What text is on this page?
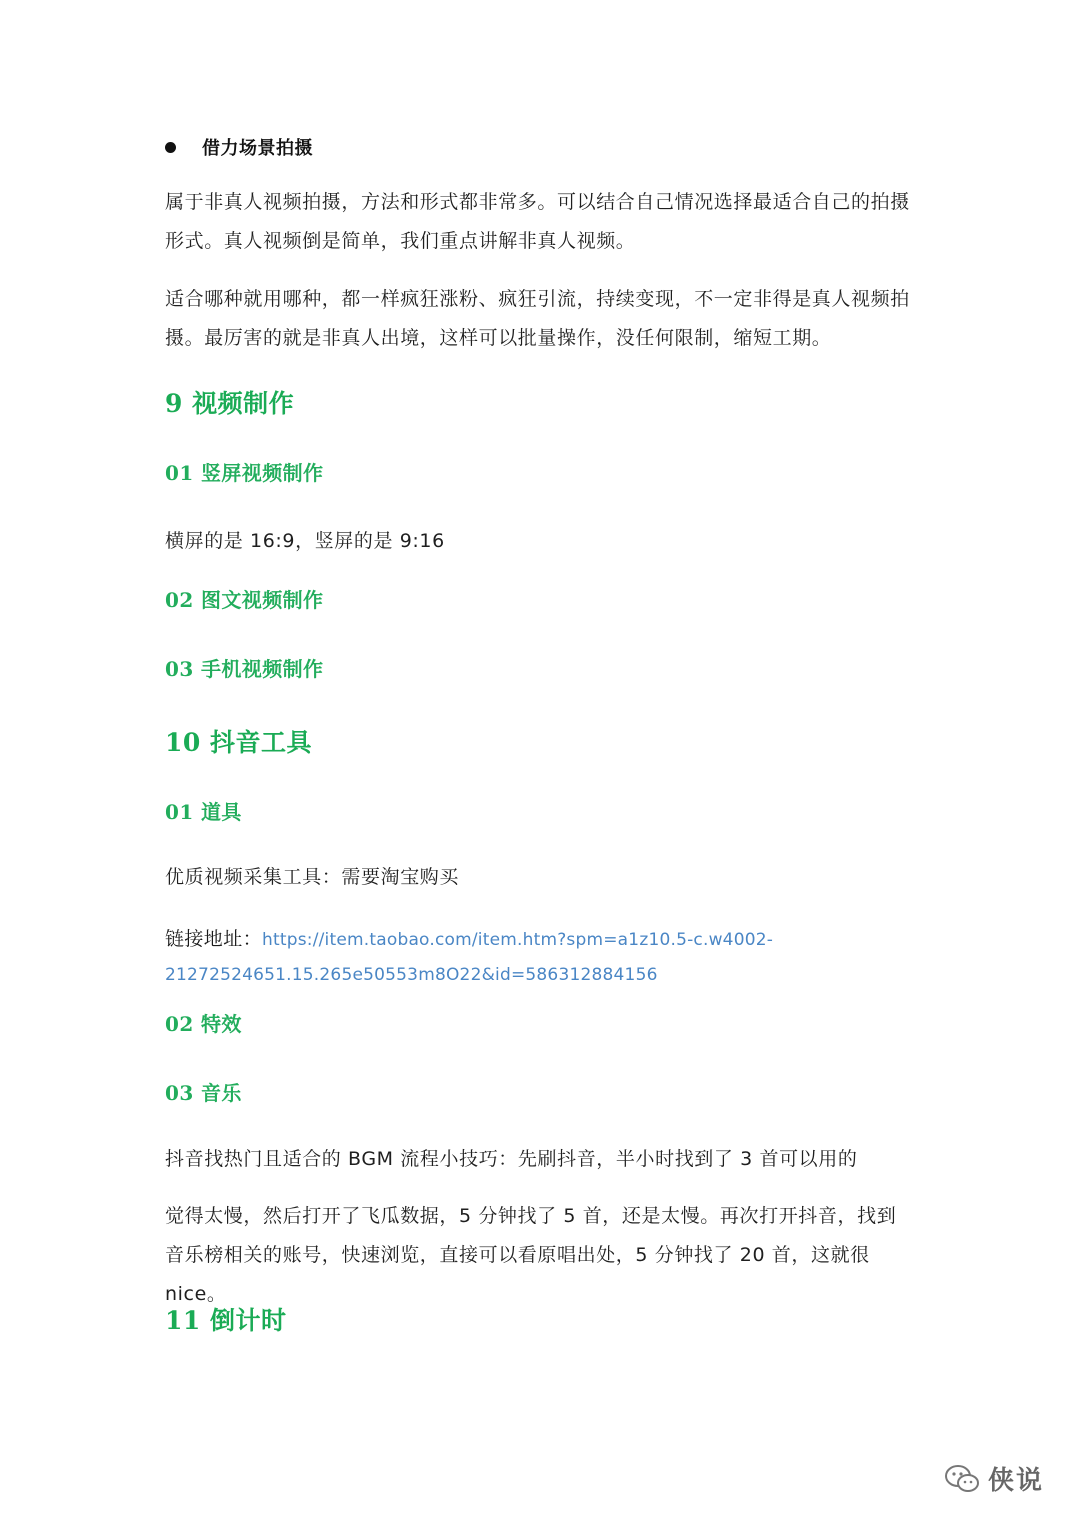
借力场景拍摄

属于非真人视频拍摄，方法和形式都非常多。可以结合自己情况选择最适合自己的拍摄形式。真人视频倒是简单，我们重点讲解非真人视频。

适合哪种就用哪种，都一样疯狂涨粉、疯狂引流，持续变现，不一定非得是真人视频拍摄。最厉害的就是非真人出境，这样可以批量操作，没任何限制，缩短工期。

9 视频制作
01 竖屏视频制作

横屏的是 16:9，竖屏的是 9:16

02 图文视频制作
03 手机视频制作
10 抖音工具
01 道具

优质视频采集工具：需要淘宝购买

链接地址：https://item.taobao.com/item.htm?spm=a1z10.5-c.w4002-21272524651.15.265e50553m8O22&id=586312884156

02 特效
03 音乐

抖音找热门且适合的 BGM 流程小技巧：先刷抖音，半小时找到了 3 首可以用的

觉得太慢，然后打开了飞瓜数据，5 分钟找了 5 首，还是太慢。再次打开抖音，找到音乐榜相关的账号，快速浏览，直接可以看原唱出处，5 分钟找了 20 首，这就很 nice。

11 倒计时
侠说
